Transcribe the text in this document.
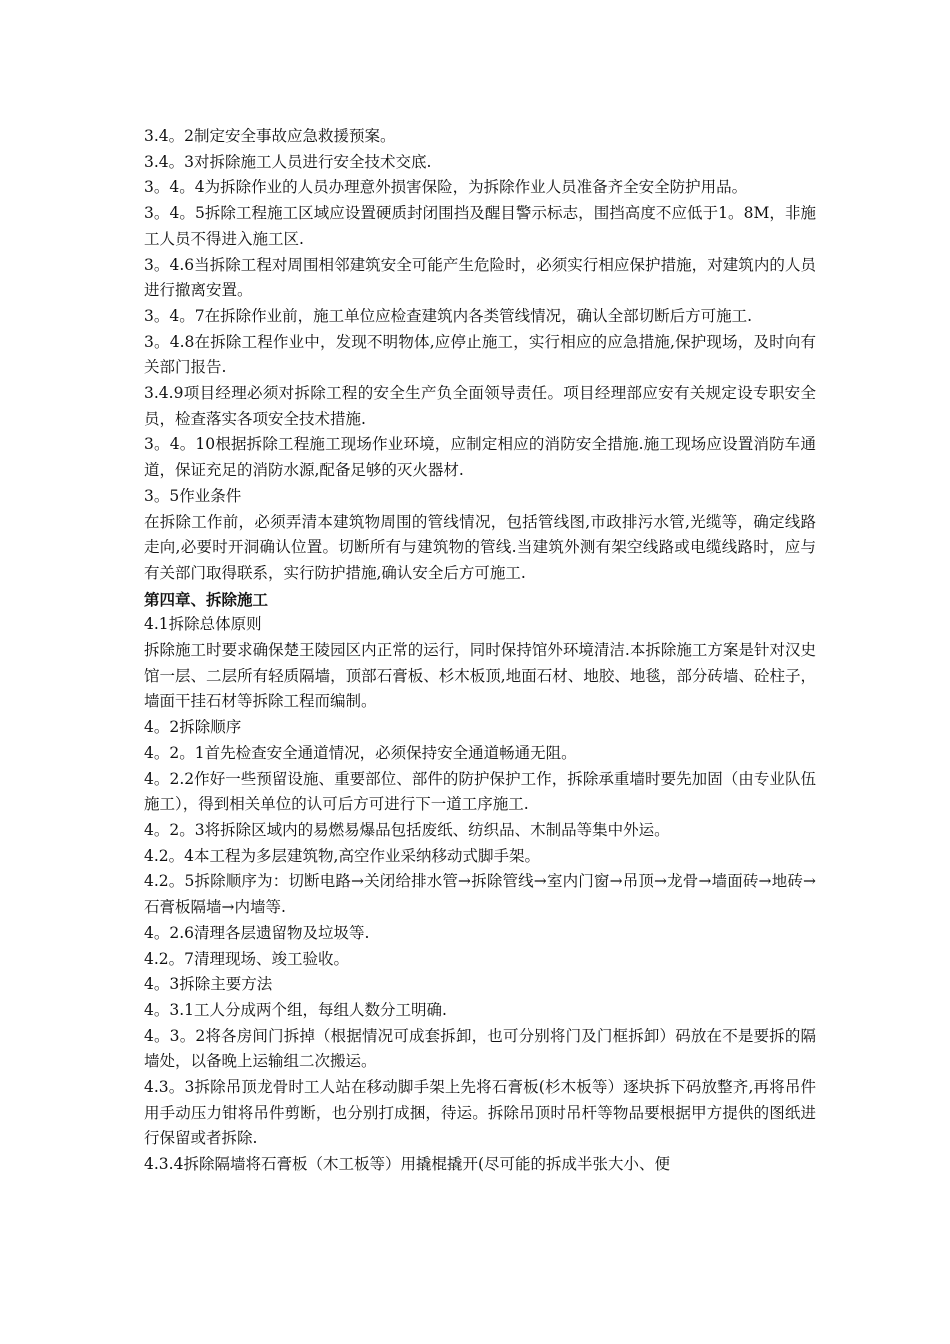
3.4。2制定安全事故应急救援预案。

3.4。3对拆除施工人员进行安全技术交底.

3。4。4为拆除作业的人员办理意外损害保险，为拆除作业人员准备齐全安全防护用品。

3。4。5拆除工程施工区域应设置硬质封闭围挡及醒目警示标志，围挡高度不应低于1。8M，非施工人员不得进入施工区.

3。4.6当拆除工程对周围相邻建筑安全可能产生危险时，必须实行相应保护措施，对建筑内的人员进行撤离安置。

3。4。7在拆除作业前，施工单位应检查建筑内各类管线情况，确认全部切断后方可施工.

3。4.8在拆除工程作业中，发现不明物体,应停止施工，实行相应的应急措施,保护现场，及时向有关部门报告.

3.4.9项目经理必须对拆除工程的安全生产负全面领导责任。项目经理部应安有关规定设专职安全员，检查落实各项安全技术措施.

3。4。10根据拆除工程施工现场作业环境，应制定相应的消防安全措施.施工现场应设置消防车通道，保证充足的消防水源,配备足够的灭火器材.

3。5作业条件

在拆除工作前，必须弄清本建筑物周围的管线情况，包括管线图,市政排污水管,光缆等，确定线路走向,必要时开洞确认位置。切断所有与建筑物的管线.当建筑外测有架空线路或电缆线路时，应与有关部门取得联系，实行防护措施,确认安全后方可施工.

第四章、拆除施工

4.1拆除总体原则

拆除施工时要求确保楚王陵园区内正常的运行，同时保持馆外环境清洁.本拆除施工方案是针对汉史馆一层、二层所有轻质隔墙，顶部石膏板、杉木板顶,地面石材、地胶、地毯，部分砖墙、砼柱子，墙面干挂石材等拆除工程而编制。

4。2拆除顺序

4。2。1首先检查安全通道情况，必须保持安全通道畅通无阻。

4。2.2作好一些预留设施、重要部位、部件的防护保护工作，拆除承重墙时要先加固（由专业队伍施工），得到相关单位的认可后方可进行下一道工序施工.

4。2。3将拆除区域内的易燃易爆品包括废纸、纺织品、木制品等集中外运。

4.2。4本工程为多层建筑物,高空作业采纳移动式脚手架。

4.2。5拆除顺序为：切断电路→关闭给排水管→拆除管线→室内门窗→吊顶→龙骨→墙面砖→地砖→石膏板隔墙→内墙等.

4。2.6清理各层遗留物及垃圾等.

4.2。7清理现场、竣工验收。

4。3拆除主要方法

4。3.1工人分成两个组，每组人数分工明确.

4。3。2将各房间门拆掉（根据情况可成套拆卸，也可分别将门及门框拆卸）码放在不是要拆的隔墙处，以备晚上运输组二次搬运。

4.3。3拆除吊顶龙骨时工人站在移动脚手架上先将石膏板(杉木板等）逐块拆下码放整齐,再将吊件用手动压力钳将吊件剪断，也分别打成捆，待运。拆除吊顶时吊杆等物品要根据甲方提供的图纸进行保留或者拆除.

4.3.4拆除隔墙将石膏板（木工板等）用撬棍撬开(尽可能的拆成半张大小、便
